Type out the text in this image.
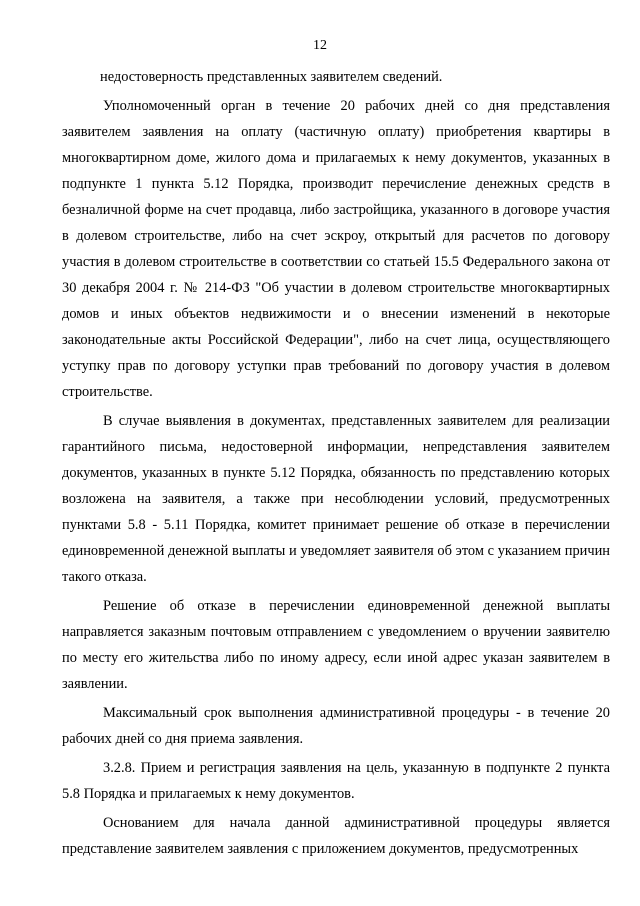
12

недостоверность представленных заявителем сведений.

Уполномоченный орган в течение 20 рабочих дней со дня представления заявителем заявления на оплату (частичную оплату) приобретения квартиры в многоквартирном доме, жилого дома и прилагаемых к нему документов, указанных в подпункте 1 пункта 5.12 Порядка, производит перечисление денежных средств в безналичной форме на счет продавца, либо застройщика, указанного в договоре участия в долевом строительстве, либо на счет эскроу, открытый для расчетов по договору участия в долевом строительстве в соответствии со статьей 15.5 Федерального закона от 30 декабря 2004 г. № 214-ФЗ "Об участии в долевом строительстве многоквартирных домов и иных объектов недвижимости и о внесении изменений в некоторые законодательные акты Российской Федерации", либо на счет лица, осуществляющего уступку прав по договору уступки прав требований по договору участия в долевом строительстве.

В случае выявления в документах, представленных заявителем для реализации гарантийного письма, недостоверной информации, непредставления заявителем документов, указанных в пункте 5.12 Порядка, обязанность по представлению которых возложена на заявителя, а также при несоблюдении условий, предусмотренных пунктами 5.8 - 5.11 Порядка, комитет принимает решение об отказе в перечислении единовременной денежной выплаты и уведомляет заявителя об этом с указанием причин такого отказа.

Решение об отказе в перечислении единовременной денежной выплаты направляется заказным почтовым отправлением с уведомлением о вручении заявителю по месту его жительства либо по иному адресу, если иной адрес указан заявителем в заявлении.

Максимальный срок выполнения административной процедуры - в течение 20 рабочих дней со дня приема заявления.

3.2.8. Прием и регистрация заявления на цель, указанную в подпункте 2 пункта 5.8 Порядка и прилагаемых к нему документов.

Основанием для начала данной административной процедуры является представление заявителем заявления с приложением документов, предусмотренных
